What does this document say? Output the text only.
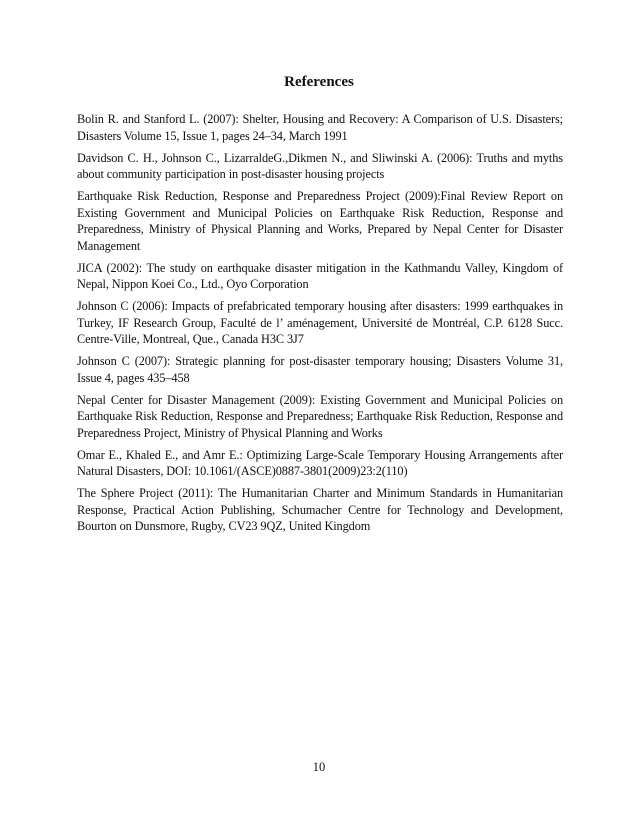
References

Bolin R. and Stanford L. (2007): Shelter, Housing and Recovery: A Comparison of U.S. Disasters; Disasters Volume 15, Issue 1, pages 24–34, March 1991

Davidson C. H., Johnson C., LizarraldeG.,Dikmen N., and Sliwinski A. (2006): Truths and myths about community participation in post-disaster housing projects

Earthquake Risk Reduction, Response and Preparedness Project (2009):Final Review Report on Existing Government and Municipal Policies on Earthquake Risk Reduction, Response and Preparedness, Ministry of Physical Planning and Works, Prepared by Nepal Center for Disaster Management

JICA (2002): The study on earthquake disaster mitigation in the Kathmandu Valley, Kingdom of Nepal, Nippon Koei Co., Ltd., Oyo Corporation

Johnson C (2006): Impacts of prefabricated temporary housing after disasters: 1999 earthquakes in Turkey, IF Research Group, Faculté de l’ aménagement, Université de Montréal, C.P. 6128 Succ. Centre-Ville, Montreal, Que., Canada H3C 3J7

Johnson C (2007): Strategic planning for post-disaster temporary housing; Disasters Volume 31, Issue 4, pages 435–458

Nepal Center for Disaster Management (2009): Existing Government and Municipal Policies on Earthquake Risk Reduction, Response and Preparedness; Earthquake Risk Reduction, Response and Preparedness Project, Ministry of Physical Planning and Works

Omar E., Khaled E., and Amr E.: Optimizing Large-Scale Temporary Housing Arrangements after Natural Disasters, DOI: 10.1061/(ASCE)0887-3801(2009)23:2(110)

The Sphere Project (2011): The Humanitarian Charter and Minimum Standards in Humanitarian Response, Practical Action Publishing, Schumacher Centre for Technology and Development, Bourton on Dunsmore, Rugby, CV23 9QZ, United Kingdom

10
